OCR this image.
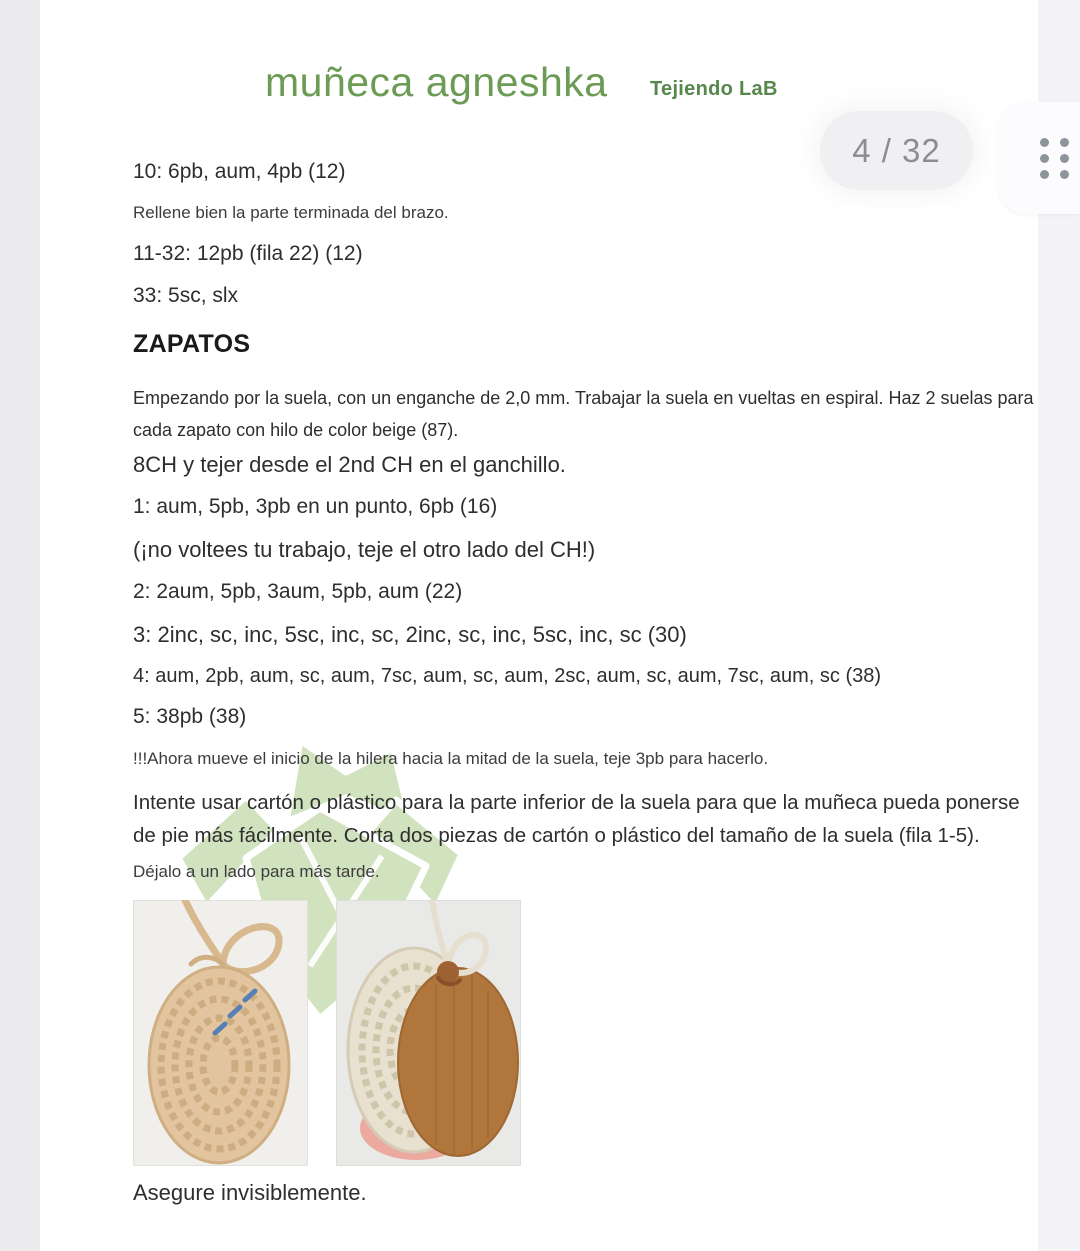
muñeca agneshka Tejiendo LaB
4 / 32
10: 6pb, aum, 4pb (12)
Rellene bien la parte terminada del brazo.
11-32: 12pb (fila 22) (12)
33: 5sc, slx
ZAPATOS
Empezando por la suela, con un enganche de 2,0 mm. Trabajar la suela en vueltas en espiral. Haz 2 suelas para
cada zapato con hilo de color beige (87).
8CH y tejer desde el 2nd CH en el ganchillo.
1: aum, 5pb, 3pb en un punto, 6pb (16)
(¡no voltees tu trabajo, teje el otro lado del CH!)
2: 2aum, 5pb, 3aum, 5pb, aum (22)
3: 2inc, sc, inc, 5sc, inc, sc, 2inc, sc, inc, 5sc, inc, sc (30)
4: aum, 2pb, aum, sc, aum, 7sc, aum, sc, aum, 2sc, aum, sc, aum, 7sc, aum, sc (38)
5: 38pb (38)
!!!Ahora mueve el inicio de la hilera hacia la mitad de la suela, teje 3pb para hacerlo.
Intente usar cartón o plástico para la parte inferior de la suela para que la muñeca pueda ponerse
de pie más fácilmente. Corta dos piezas de cartón o plástico del tamaño de la suela (fila 1-5).
Déjalo a un lado para más tarde.
Asegure invisiblemente.
